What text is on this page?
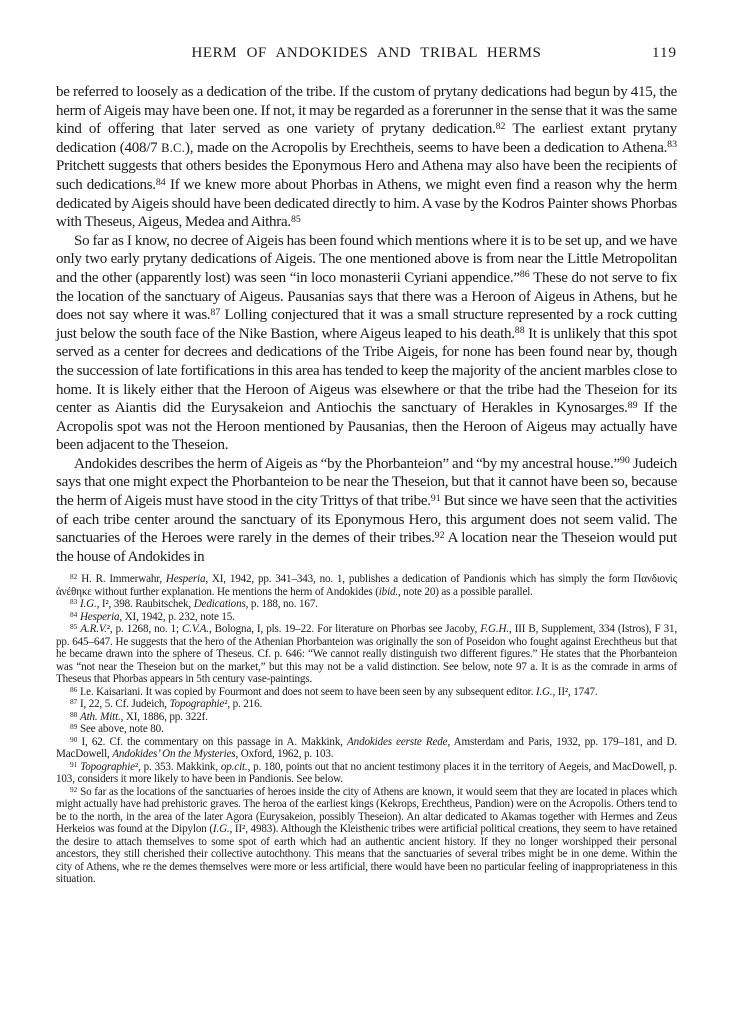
HERM OF ANDOKIDES AND TRIBAL HERMS	119

be referred to loosely as a dedication of the tribe. If the custom of prytany dedications had begun by 415, the herm of Aigeis may have been one. If not, it may be regarded as a forerunner in the sense that it was the same kind of offering that later served as one variety of prytany dedication.$^{82}$ The earliest extant prytany dedication (408/7 B.C.), made on the Acropolis by Erechtheis, seems to have been a dedication to Athena.$^{83}$ Pritchett suggests that others besides the Eponymous Hero and Athena may also have been the recipients of such dedications.$^{84}$ If we knew more about Phorbas in Athens, we might even find a reason why the herm dedicated by Aigeis should have been dedicated directly to him. A vase by the Kodros Painter shows Phorbas with Theseus, Aigeus, Medea and Aithra.$^{85}$

So far as I know, no decree of Aigeis has been found which mentions where it is to be set up, and we have only two early prytany dedications of Aigeis. The one mentioned above is from near the Little Metropolitan and the other (apparently lost) was seen “in loco monasterii Cyriani appendice.”$^{86}$ These do not serve to fix the location of the sanctuary of Aigeus. Pausanias says that there was a Heroon of Aigeus in Athens, but he does not say where it was.$^{87}$ Lolling conjectured that it was a small structure represented by a rock cutting just below the south face of the Nike Bastion, where Aigeus leaped to his death.$^{88}$ It is unlikely that this spot served as a center for decrees and dedications of the Tribe Aigeis, for none has been found near by, though the succession of late fortifications in this area has tended to keep the majority of the ancient marbles close to home. It is likely either that the Heroon of Aigeus was elsewhere or that the tribe had the Theseion for its center as Aiantis did the Eurysakeion and Antiochis the sanctuary of Herakles in Kynosarges.$^{89}$ If the Acropolis spot was not the Heroon mentioned by Pausanias, then the Heroon of Aigeus may actually have been adjacent to the Theseion.

Andokides describes the herm of Aigeis as “by the Phorbanteion” and “by my ancestral house.”$^{90}$ Judeich says that one might expect the Phorbanteion to be near the Theseion, but that it cannot have been so, because the herm of Aigeis must have stood in the city Trittys of that tribe.$^{91}$ But since we have seen that the activities of each tribe center around the sanctuary of its Eponymous Hero, this argument does not seem valid. The sanctuaries of the Heroes were rarely in the demes of their tribes.$^{92}$ A location near the Theseion would put the house of Andokides in

$^{82}$ H. R. Immerwahr, Hesperia, XI, 1942, pp. 341–343, no. 1, publishes a dedication of Pandionis which has simply the form Πανδιονὶς ἀνέθηκε without further explanation. He mentions the herm of Andokides (ibid., note 20) as a possible parallel.

$^{83}$ I.G., I², 398. Raubitschek, Dedications, p. 188, no. 167.

$^{84}$ Hesperia, XI, 1942, p. 232, note 15.

$^{85}$ A.R.V.², p. 1268, no. 1; C.V.A., Bologna, I, pls. 19–22. For literature on Phorbas see Jacoby, F.G.H., III B, Supplement, 334 (Istros), F 31, pp. 645–647. He suggests that the hero of the Athenian Phorbanteion was originally the son of Poseidon who fought against Erechtheus but that he became drawn into the sphere of Theseus. Cf. p. 646: “We cannot really distinguish two different figures.” He states that the Phorbanteion was “not near the Theseion but on the market,” but this may not be a valid distinction. See below, note 97 a. It is as the comrade in arms of Theseus that Phorbas appears in 5th century vase-paintings.

$^{86}$ I.e. Kaisariani. It was copied by Fourmont and does not seem to have been seen by any subsequent editor. I.G., II², 1747.

$^{87}$ I, 22, 5. Cf. Judeich, Topographie², p. 216.

$^{88}$ Ath. Mitt., XI, 1886, pp. 322f.

$^{89}$ See above, note 80.

$^{90}$ I, 62. Cf. the commentary on this passage in A. Makkink, Andokides eerste Rede, Amsterdam and Paris, 1932, pp. 179–181, and D. MacDowell, Andokides’ On the Mysteries, Oxford, 1962, p. 103.

$^{91}$ Topographie², p. 353. Makkink, op.cit., p. 180, points out that no ancient testimony places it in the territory of Aegeis, and MacDowell, p. 103, considers it more likely to have been in Pandionis. See below.

$^{92}$ So far as the locations of the sanctuaries of heroes inside the city of Athens are known, it would seem that they are located in places which might actually have had prehistoric graves. The heroa of the earliest kings (Kekrops, Erechtheus, Pandion) were on the Acropolis. Others tend to be to the north, in the area of the later Agora (Eurysakeion, possibly Theseion). An altar dedicated to Akamas together with Hermes and Zeus Herkeios was found at the Dipylon (I.G., II², 4983). Although the Kleisthenic tribes were artificial political creations, they seem to have retained the desire to attach themselves to some spot of earth which had an authentic ancient history. If they no longer worshipped their personal ancestors, they still cherished their collective autochthony. This means that the sanctuaries of several tribes might be in one deme. Within the city of Athens, whe re the demes themselves were more or less artificial, there would have been no particular feeling of inappropriateness in this situation.
